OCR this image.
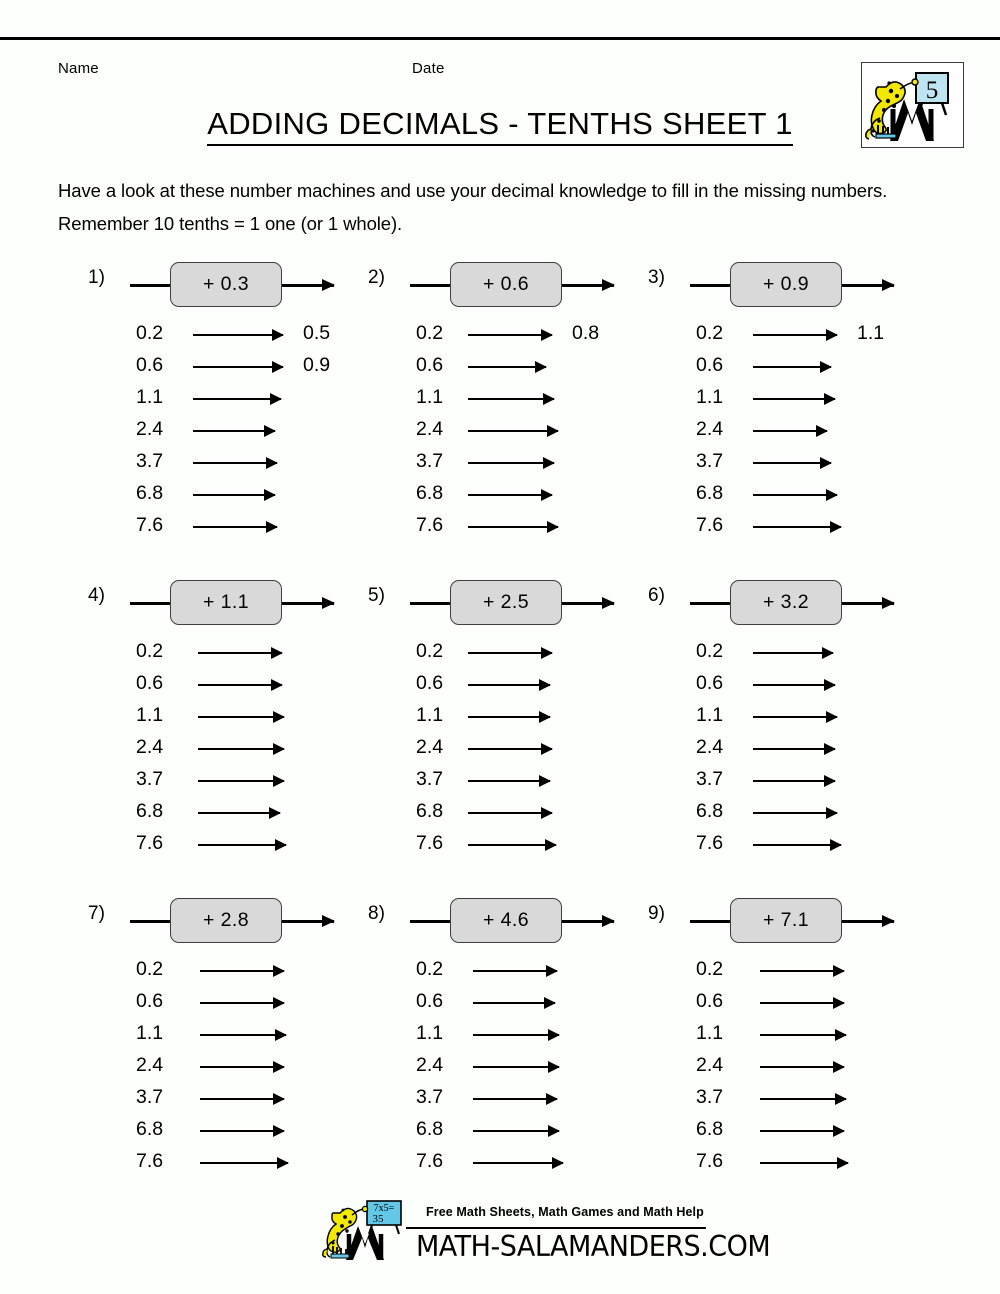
Name	Date
ADDING DECIMALS - TENTHS SHEET 1
5
Have a look at these number machines and use your decimal knowledge to fill in the missing numbers. Remember 10 tenths = 1 one (or 1 whole).
1)	+ 0.3
0.2	0.5
0.6	0.9
1.1
2.4
3.7
6.8
7.6
2)	+ 0.6
0.2	0.8
0.6
1.1
2.4
3.7
6.8
7.6
3)	+ 0.9
0.2	1.1
0.6
1.1
2.4
3.7
6.8
7.6
4)	+ 1.1
0.2
0.6
1.1
2.4
3.7
6.8
7.6
5)	+ 2.5
0.2
0.6
1.1
2.4
3.7
6.8
7.6
6)	+ 3.2
0.2
0.6
1.1
2.4
3.7
6.8
7.6
7)	+ 2.8
0.2
0.6
1.1
2.4
3.7
6.8
7.6
8)	+ 4.6
0.2
0.6
1.1
2.4
3.7
6.8
7.6
9)	+ 7.1
0.2
0.6
1.1
2.4
3.7
6.8
7.6
7x5=
35	Free Math Sheets, Math Games and Math Help
MATH-SALAMANDERS.COM
